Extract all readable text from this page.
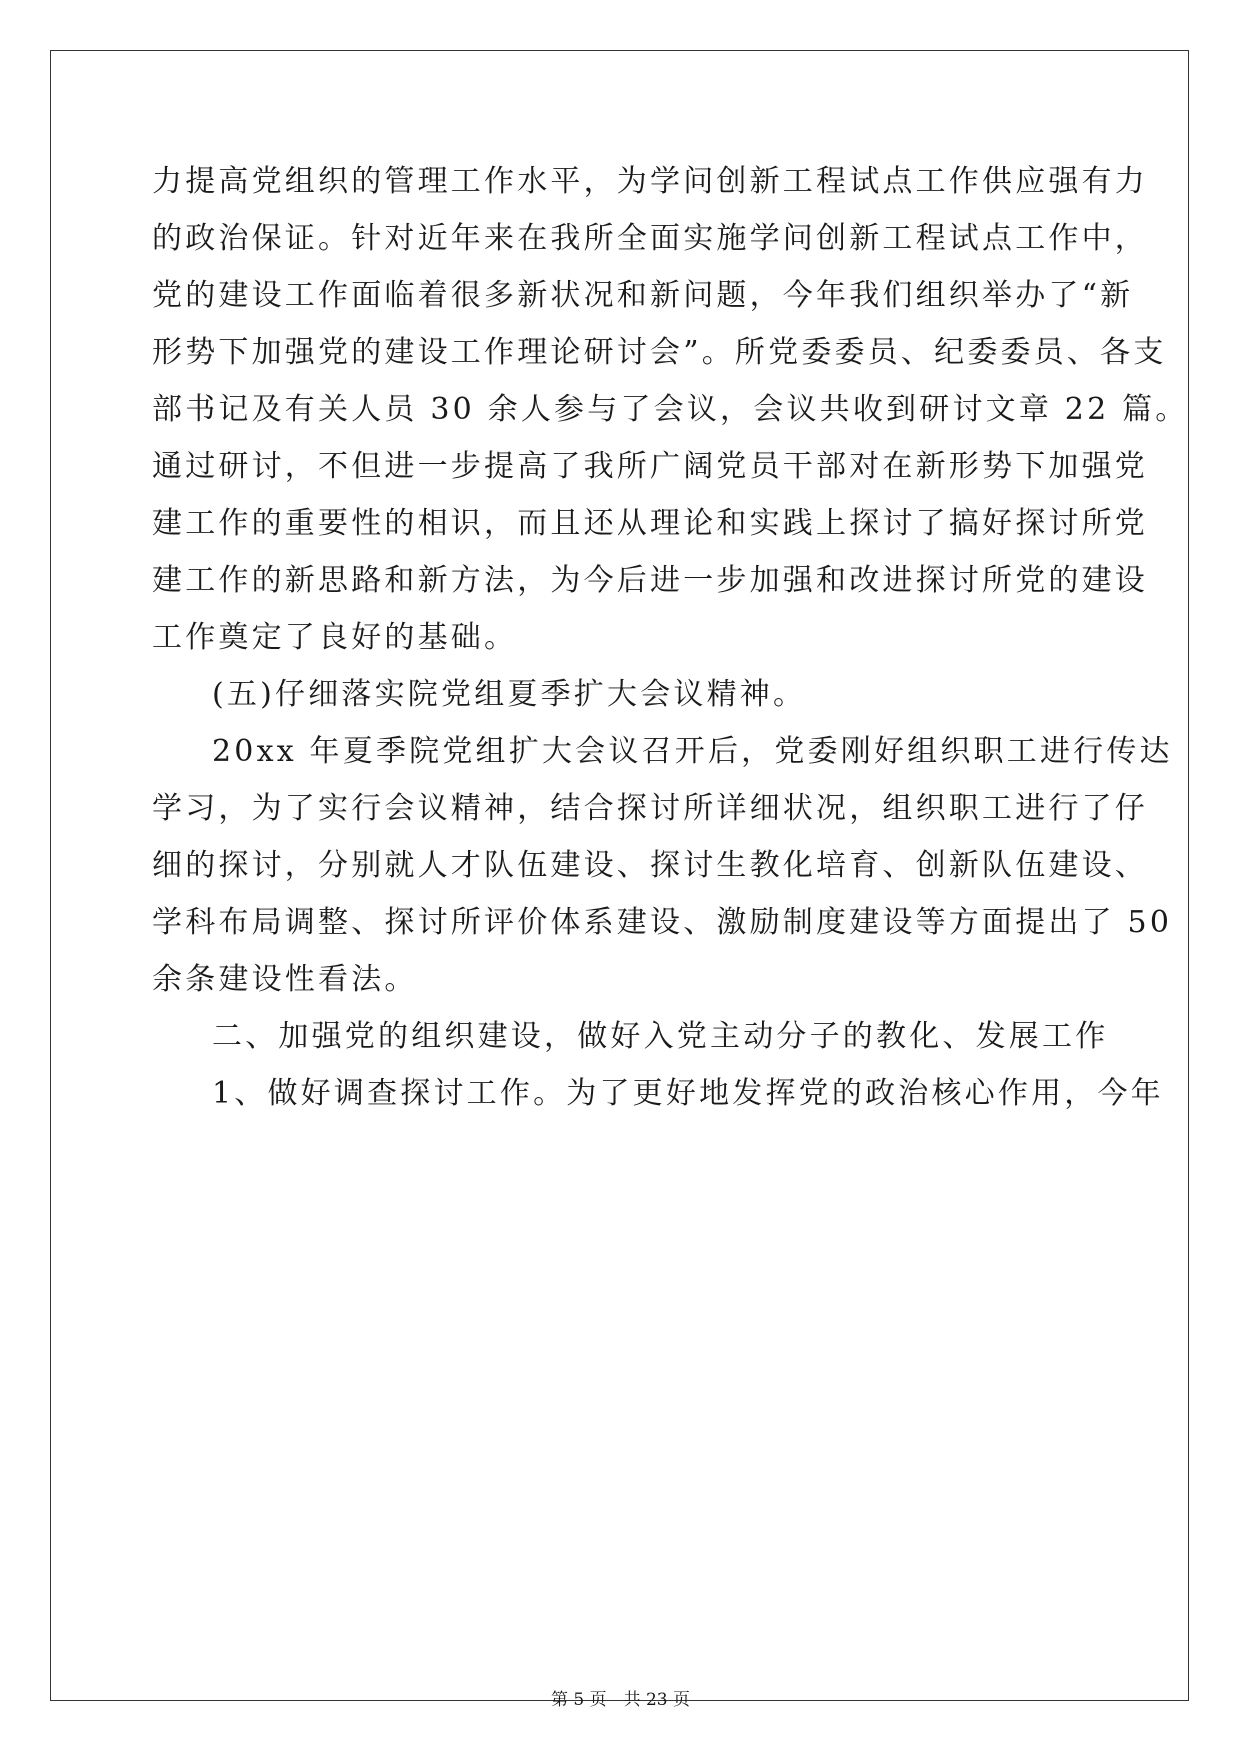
力提高党组织的管理工作水平，为学问创新工程试点工作供应强有力
的政治保证。针对近年来在我所全面实施学问创新工程试点工作中，
党的建设工作面临着很多新状况和新问题，今年我们组织举办了“新
形势下加强党的建设工作理论研讨会”。所党委委员、纪委委员、各支
部书记及有关人员 30 余人参与了会议，会议共收到研讨文章 22 篇。
通过研讨，不但进一步提高了我所广阔党员干部对在新形势下加强党
建工作的重要性的相识，而且还从理论和实践上探讨了搞好探讨所党
建工作的新思路和新方法，为今后进一步加强和改进探讨所党的建设
工作奠定了良好的基础。
(五)仔细落实院党组夏季扩大会议精神。
20xx 年夏季院党组扩大会议召开后，党委刚好组织职工进行传达
学习，为了实行会议精神，结合探讨所详细状况，组织职工进行了仔
细的探讨，分别就人才队伍建设、探讨生教化培育、创新队伍建设、
学科布局调整、探讨所评价体系建设、激励制度建设等方面提出了 50
余条建设性看法。
二、加强党的组织建设，做好入党主动分子的教化、发展工作
1、做好调查探讨工作。为了更好地发挥党的政治核心作用，今年
第 5 页　共 23 页
